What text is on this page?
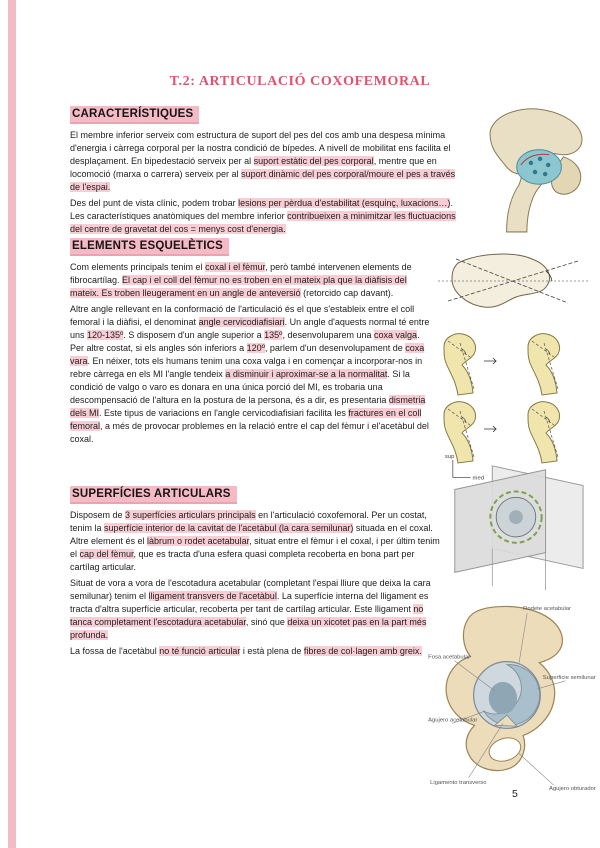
T.2: ARTICULACIÓ COXOFEMORAL
CARACTERÍSTIQUES

El membre inferior serveix com estructura de suport del pes del cos amb una despesa mínima d'energia i càrrega corporal per la nostra condició de bípedes. A nivell de mobilitat ens facilita el desplaçament. En bipedestació serveix per al suport estàtic del pes corporal, mentre que en locomoció (marxa o carrera) serveix per al suport dinàmic del pes corporal/moure el pes a través de l'espai.

Des del punt de vista clínic, podem trobar lesions per pèrdua d'estabilitat (esquinç, luxacions…). Les característiques anatòmiques del membre inferior contribueixen a minimitzar les fluctuacions del centre de gravetat del cos = menys cost d'energia.

ELEMENTS ESQUELÈTICS

Com elements principals tenim el coxal i el fèmur, però també intervenen elements de fibrocartílag. El cap i el coll del fèmur no es troben en el mateix pla que la diàfisis del mateix. Es troben lleugerament en un angle de anteversió (retorcido cap davant).

Altre angle rellevant en la conformació de l'articulació és el que s'estableix entre el coll femoral i la diàfisi, el denominat angle cervicodiafisiari. Un angle d'aquests normal té entre uns 120-135º. S disposem d'un angle superior a 135º, desenvoluparem una coxa valga. Per altre costat, si els angles són inferiors a 120º, parlem d'un desenvolupament de coxa vara. En néixer, tots els humans tenim una coxa valga i en començar a incorporar-nos in rebre càrrega en els MI l'angle tendeix a disminuir i aproximar-se a la normalitat. Si la condició de valgo o varo es donara en una única porció del MI, es trobaria una descompensació de l'altura en la postura de la persona, és a dir, es presentaria dismetria dels MI. Este tipus de variacions en l'angle cervicodiafisiari facilita les fractures en el coll femoral, a més de provocar problemes en la relació entre el cap del fèmur i el'acetàbul del coxal.

SUPERFÍCIES ARTICULARS

Disposem de 3 superfícies articulars principals en l'articulació coxofemoral. Per un costat, tenim la superfície interior de la cavitat de l'acetàbul (la cara semilunar) situada en el coxal. Altre element és el làbrum o rodet acetabular, situat entre el fèmur i el coxal, i per últim tenim el cap del fèmur, que es tracta d'una esfera quasi completa recoberta en bona part per cartílag articular.

Situat de vora a vora de l'escotadura acetabular (completant l'espai lliure que deixa la cara semilunar) tenim el lligament transvers de l'acetàbul. La superfície interna del lligament es tracta d'altra superfície articular, recoberta per tant de cartílag articular. Este lligament no tanca completament l'escotadura acetabular, sinó que deixa un xicotet pas en la part més profunda.

La fossa de l'acetàbul no té funció articular i està plena de fibres de col·lagen amb greix.

sup
med
Rodete acetabular
Fosa acetabular
Superficie semilunar
Agujero acetabular
Ligamento transverso
Agujero obturador
5
